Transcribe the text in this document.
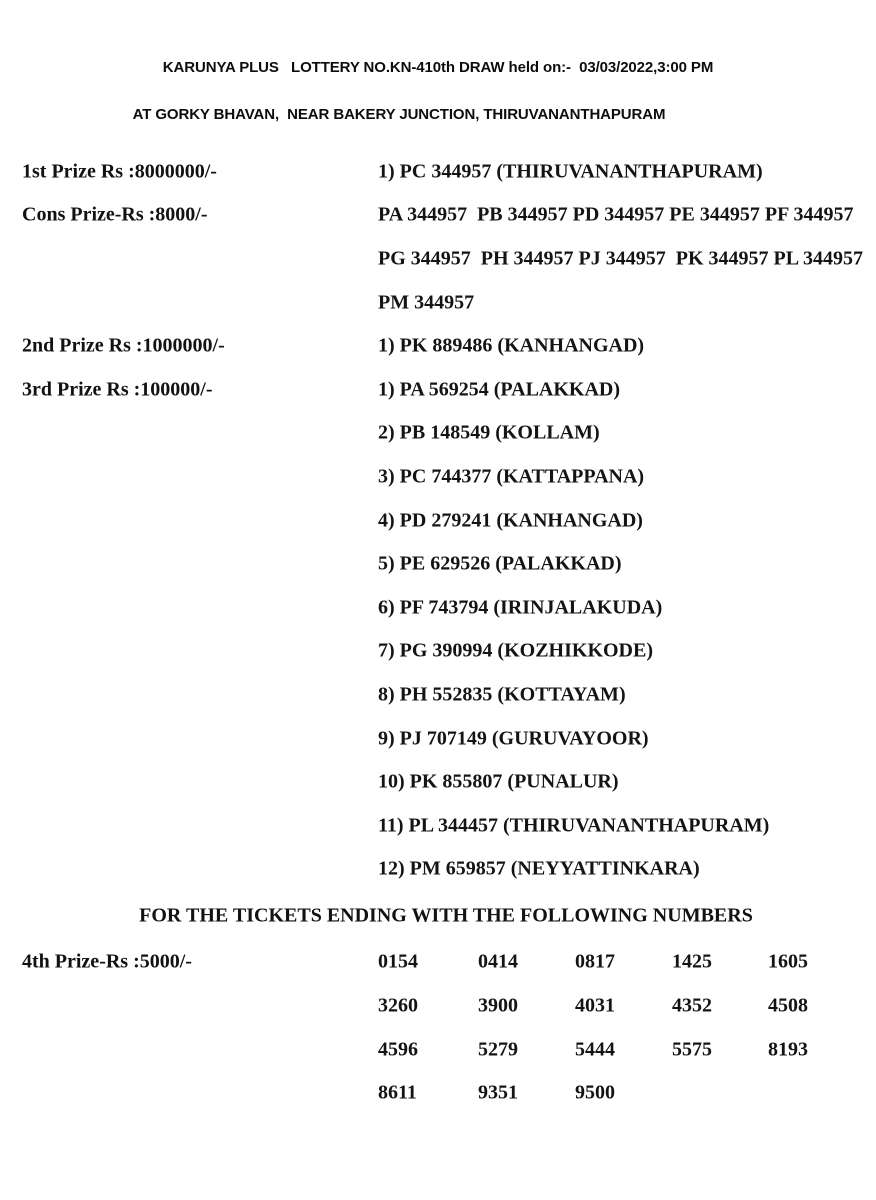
KARUNYA PLUS   LOTTERY NO.KN-410th DRAW held on:-  03/03/2022,3:00 PM
AT GORKY BHAVAN,  NEAR BAKERY JUNCTION, THIRUVANANTHAPURAM
1st Prize Rs :8000000/-	1) PC 344957 (THIRUVANANTHAPURAM)
Cons Prize-Rs :8000/-	PA 344957  PB 344957 PD 344957 PE 344957 PF 344957
PG 344957  PH 344957 PJ 344957  PK 344957 PL 344957
PM 344957
2nd Prize Rs :1000000/-	1) PK 889486 (KANHANGAD)
3rd Prize Rs :100000/-	1) PA 569254 (PALAKKAD)
2) PB 148549 (KOLLAM)
3) PC 744377 (KATTAPPANA)
4) PD 279241 (KANHANGAD)
5) PE 629526 (PALAKKAD)
6) PF 743794 (IRINJALAKUDA)
7) PG 390994 (KOZHIKKODE)
8) PH 552835 (KOTTAYAM)
9) PJ 707149 (GURUVAYOOR)
10) PK 855807 (PUNALUR)
11) PL 344457 (THIRUVANANTHAPURAM)
12) PM 659857 (NEYYATTINKARA)
FOR THE TICKETS ENDING WITH THE FOLLOWING NUMBERS
4th Prize-Rs :5000/-	0154	0414	0817	1425	1605
3260	3900	4031	4352	4508
4596	5279	5444	5575	8193
8611	9351	9500
